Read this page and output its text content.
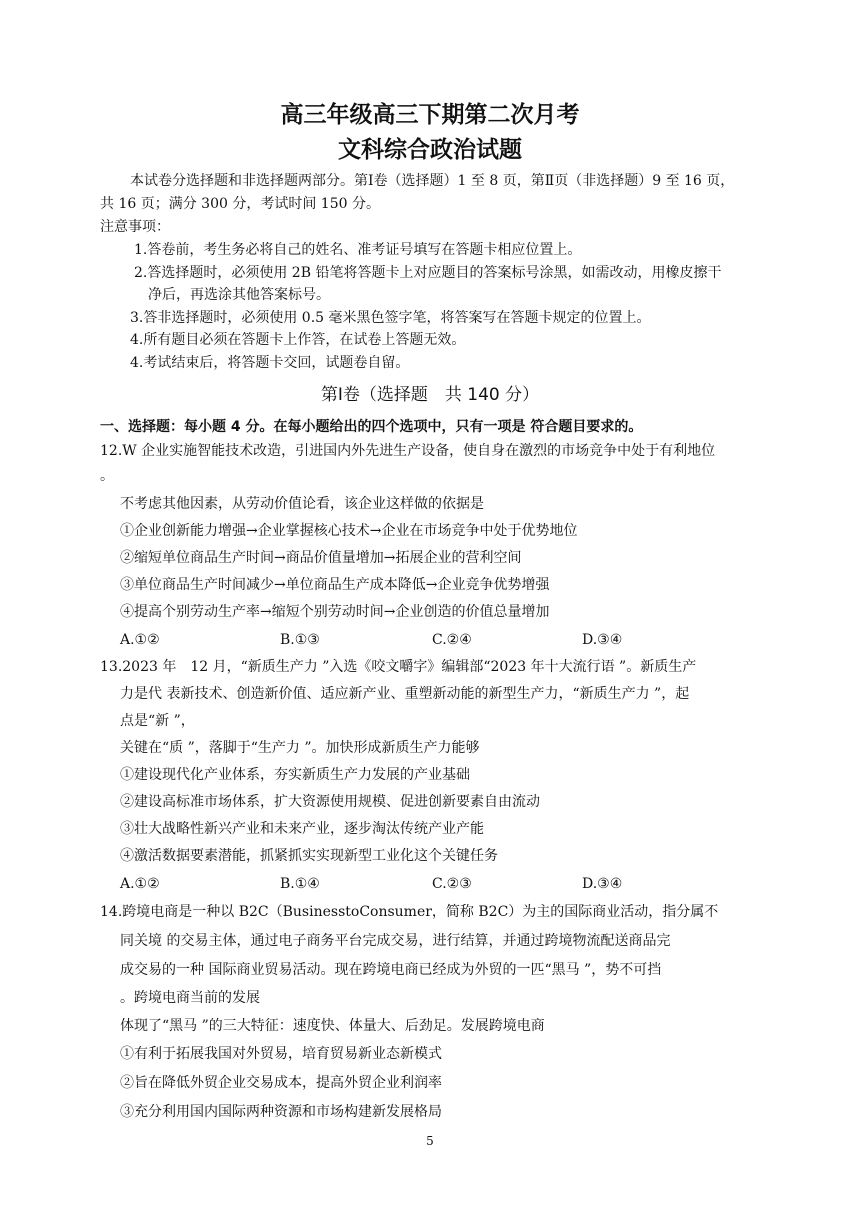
高三年级高三下期第二次月考
文科综合政治试题
本试卷分选择题和非选择题两部分。第Ⅰ卷（选择题）1 至 8 页，第Ⅱ页（非选择题）9 至 16 页，
共 16 页；满分 300 分，考试时间 150 分。
注意事项：
1.答卷前，考生务必将自己的姓名、准考证号填写在答题卡相应位置上。
2.答选择题时，必须使用 2B 铅笔将答题卡上对应题目的答案标号涂黑，如需改动，用橡皮擦干
净后，再选涂其他答案标号。
3.答非选择题时，必须使用 0.5 毫米黑色签字笔，将答案写在答题卡规定的位置上。
4.所有题目必须在答题卡上作答，在试卷上答题无效。
4.考试结束后，将答题卡交回，试题卷自留。
第Ⅰ卷（选择题　共 140 分）
一、选择题：每小题 4 分。在每小题给出的四个选项中，只有一项是 符合题目要求的。
12.W 企业实施智能技术改造，引进国内外先进生产设备，使自身在激烈的市场竞争中处于有利地位
。
不考虑其他因素，从劳动价值论看，该企业这样做的依据是
①企业创新能力增强→企业掌握核心技术→企业在市场竞争中处于优势地位
②缩短单位商品生产时间→商品价值量增加→拓展企业的营利空间
③单位商品生产时间减少→单位商品生产成本降低→企业竞争优势增强
④提高个别劳动生产率→缩短个别劳动时间→企业创造的价值总量增加
A.①②	B.①③	C.②④	D.③④
13.2023 年　12 月，“新质生产力 ”入选《咬文嚼字》编辑部“2023 年十大流行语 ”。新质生产
力是代 表新技术、创造新价值、适应新产业、重塑新动能的新型生产力，“新质生产力 ”，起
点是“新 ”，
关键在“质 ”，落脚于“生产力 ”。加快形成新质生产力能够
①建设现代化产业体系，夯实新质生产力发展的产业基础
②建设高标准市场体系，扩大资源使用规模、促进创新要素自由流动
③壮大战略性新兴产业和未来产业，逐步淘汰传统产业产能
④激活数据要素潜能，抓紧抓实实现新型工业化这个关键任务
A.①②	B.①④	C.②③	D.③④
14.跨境电商是一种以 B2C（BusinesstoConsumer，简称 B2C）为主的国际商业活动，指分属不
同关境 的交易主体，通过电子商务平台完成交易，进行结算，并通过跨境物流配送商品完
成交易的一种 国际商业贸易活动。现在跨境电商已经成为外贸的一匹“黑马 ”，势不可挡
。跨境电商当前的发展
体现了“黑马 ”的三大特征：速度快、体量大、后劲足。发展跨境电商
①有利于拓展我国对外贸易，培育贸易新业态新模式
②旨在降低外贸企业交易成本，提高外贸企业利润率
③充分利用国内国际两种资源和市场构建新发展格局
5
